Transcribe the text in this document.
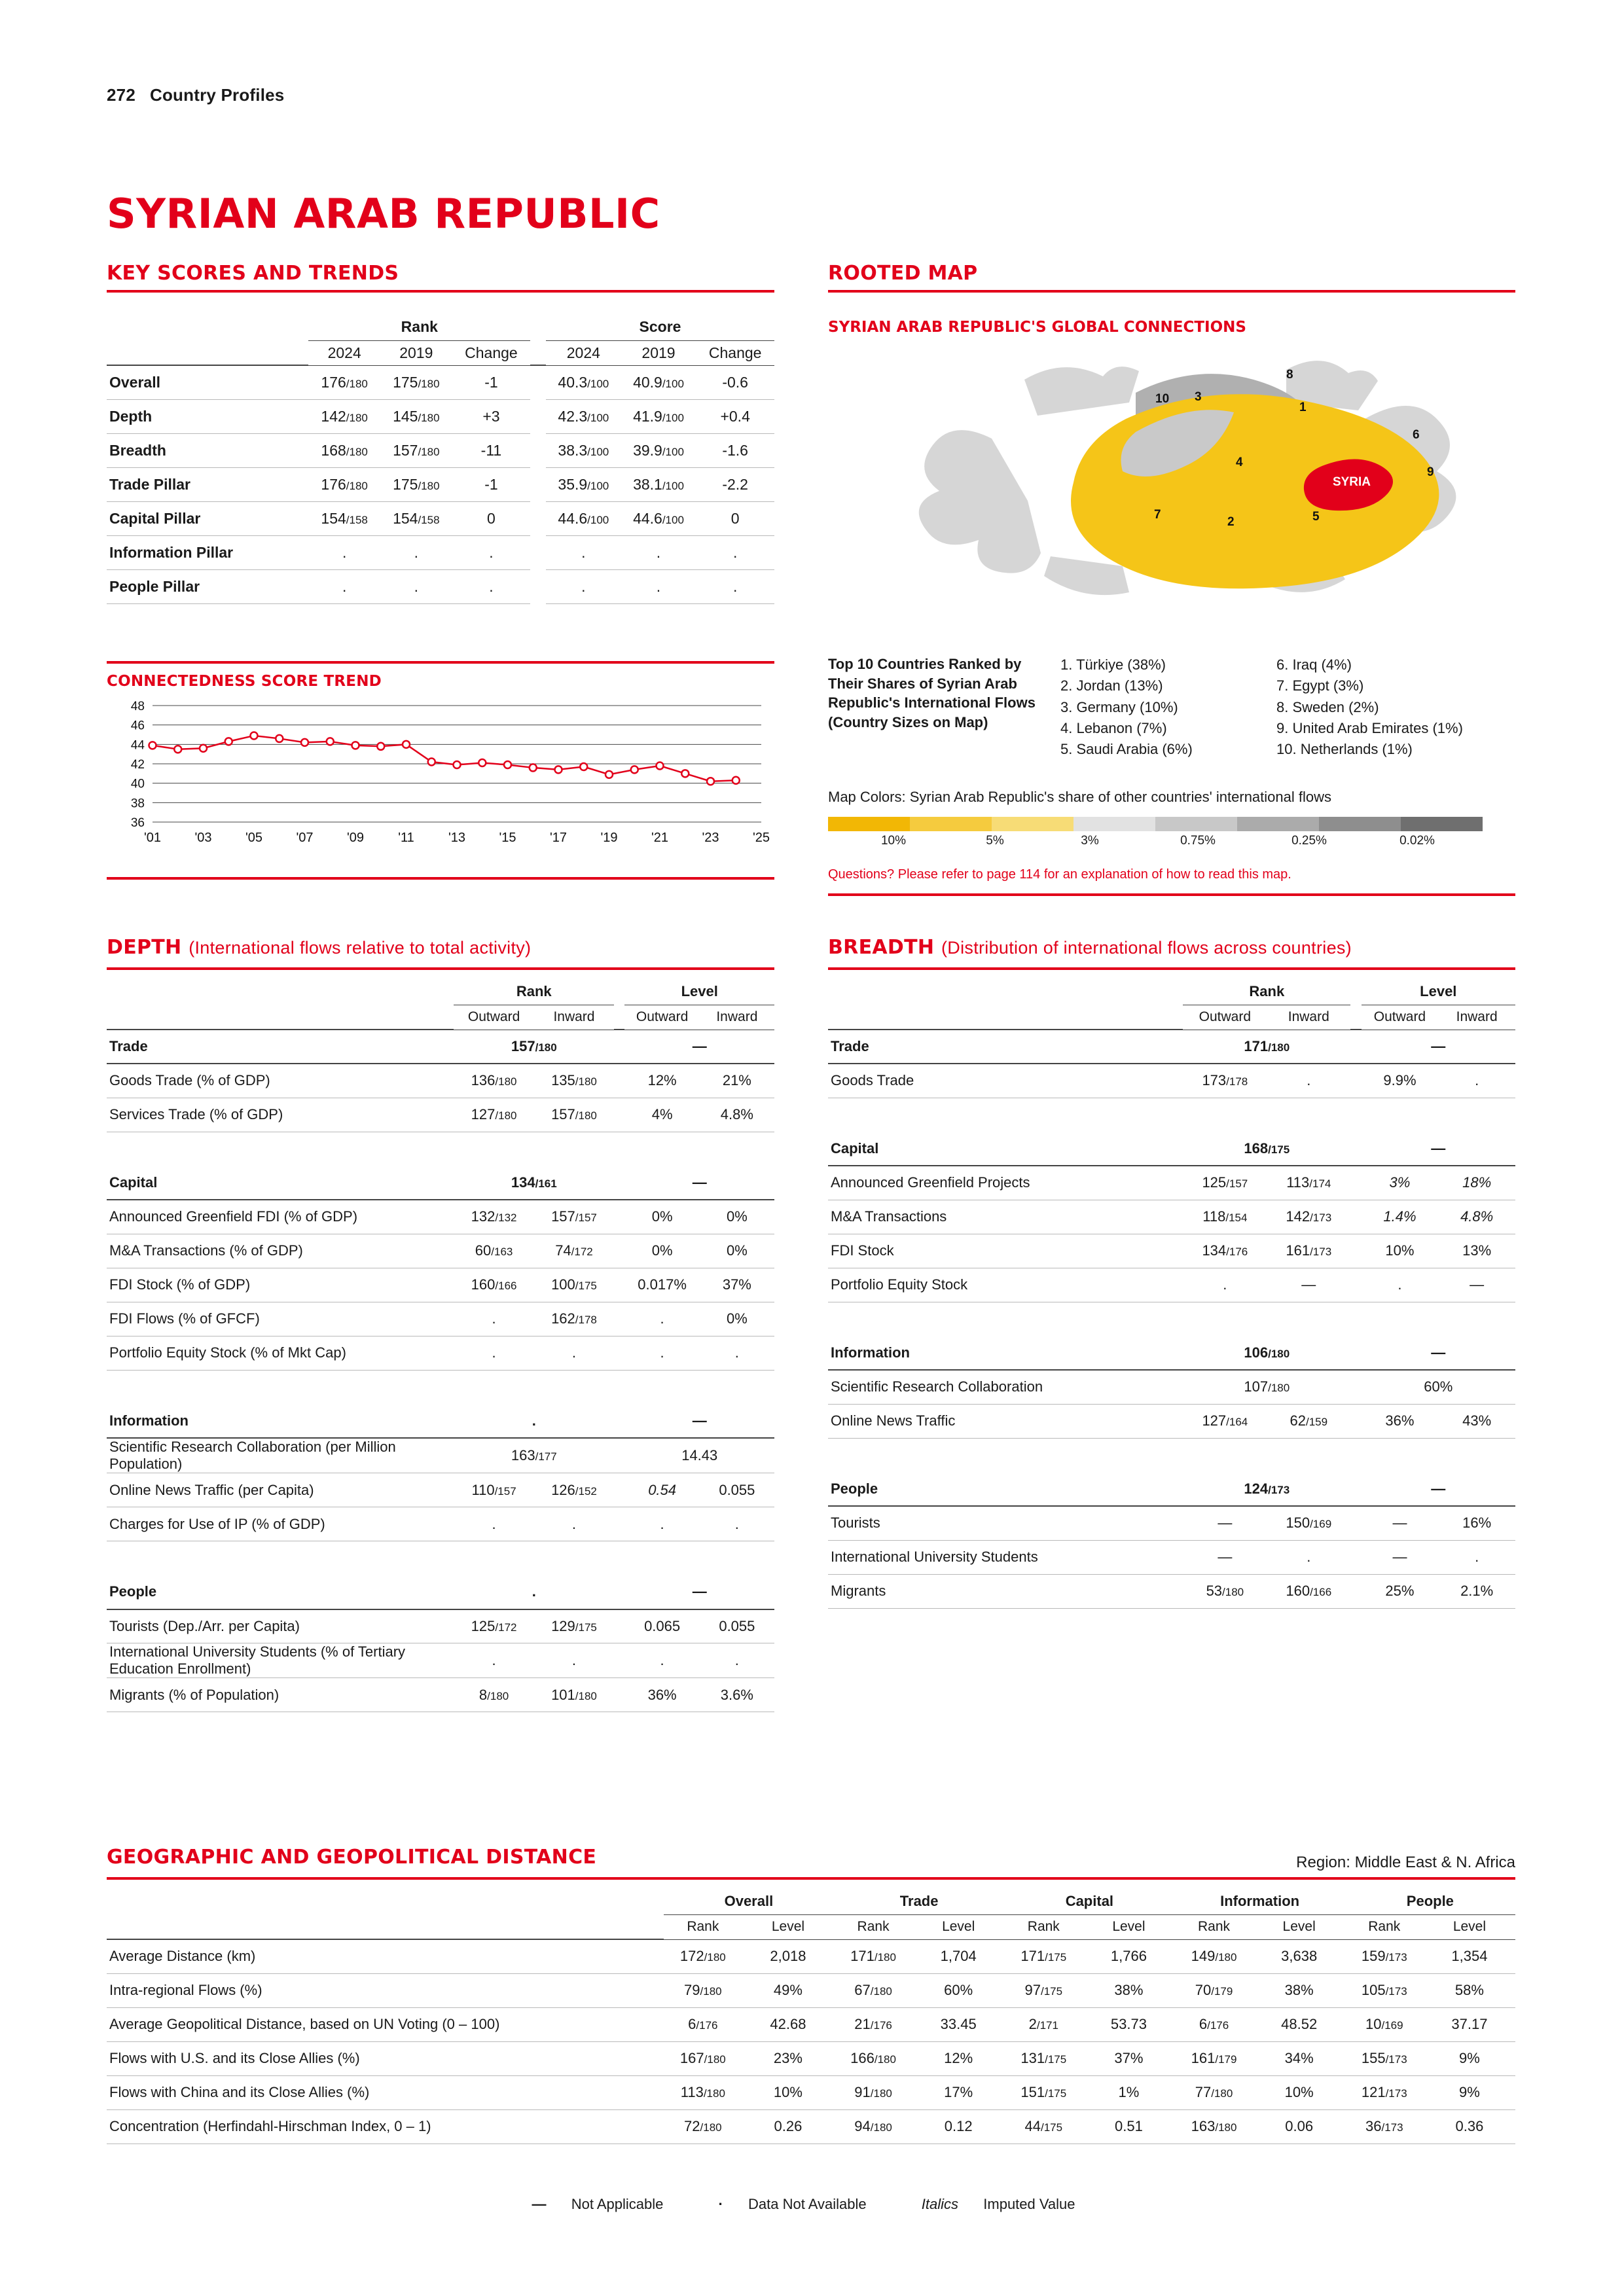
272 Country Profiles
SYRIAN ARAB REPUBLIC
KEY SCORES AND TRENDS
	Rank				Score		
	2024	2019	Change		2024	2019	Change
Overall	176/180	175/180	-1		40.3/100	40.9/100	-0.6
Depth	142/180	145/180	+3		42.3/100	41.9/100	+0.4
Breadth	168/180	157/180	-11		38.3/100	39.9/100	-1.6
Trade Pillar	176/180	175/180	-1		35.9/100	38.1/100	-2.2
Capital Pillar	154/158	154/158	0		44.6/100	44.6/100	0
Information Pillar	.	.	.		.	.	.
People Pillar	.	.	.		.	.	.
CONNECTEDNESS SCORE TREND
36
38
40
42
44
46
48
'01	'03	'05	'07	'09	'11	'13	'15	'17	'19	'21	'23	'25
ROOTED MAP
SYRIAN ARAB REPUBLIC'S GLOBAL CONNECTIONS
SYRIA
8
10 3
1
6
9
4
7
2	5
Top 10 Countries Ranked by Their Shares of Syrian Arab Republic's International Flows (Country Sizes on Map)
1. Türkiye (38%)
2. Jordan (13%)
3. Germany (10%)
4. Lebanon (7%)
5. Saudi Arabia (6%)
6. Iraq (4%)
7. Egypt (3%)
8. Sweden (2%)
9. United Arab Emirates (1%)
10. Netherlands (1%)
Map Colors: Syrian Arab Republic's share of other countries' international flows
10%	5%	3%	0.75%	0.25%	0.02%
Questions? Please refer to page 114 for an explanation of how to read this map.
DEPTH (International flows relative to total activity)
	Rank			Level	
	Outward	Inward		Outward	Inward
Trade	157/180			—	
Goods Trade (% of GDP)	136/180	135/180		12%	21%
Services Trade (% of GDP)	127/180	157/180		4%	4.8%

Capital	134/161			—	
Announced Greenfield FDI (% of GDP)	132/132	157/157		0%	0%
M&A Transactions (% of GDP)	60/163	74/172		0%	0%
FDI Stock (% of GDP)	160/166	100/175		0.017%	37%
FDI Flows (% of GFCF)	.	162/178		.	0%
Portfolio Equity Stock (% of Mkt Cap)	.	.		.	.

Information	.			—	
Scientific Research Collaboration (per Million Population)	163/177			14.43	
Online News Traffic (per Capita)	110/157	126/152		0.54	0.055
Charges for Use of IP (% of GDP)	.	.		.	.

People	.			—	
Tourists (Dep./Arr. per Capita)	125/172	129/175		0.065	0.055
International University Students (% of Tertiary Education Enrollment)	.	.		.	.
Migrants (% of Population)	8/180	101/180		36%	3.6%
BREADTH (Distribution of international flows across countries)
	Rank			Level	
	Outward	Inward		Outward	Inward
Trade	171/180			—	
Goods Trade	173/178	.		9.9%	.

Capital	168/175			—	
Announced Greenfield Projects	125/157	113/174		3%	18%
M&A Transactions	118/154	142/173		1.4%	4.8%
FDI Stock	134/176	161/173		10%	13%
Portfolio Equity Stock	.	—		.	—

Information	106/180			—	
Scientific Research Collaboration	107/180			60%	
Online News Traffic	127/164	62/159		36%	43%

People	124/173			—	
Tourists	—	150/169		—	16%
International University Students	—	.		—	.
Migrants	53/180	160/166		25%	2.1%
GEOGRAPHIC AND GEOPOLITICAL DISTANCE	Region: Middle East & N. Africa
	Overall		Trade		Capital		Information		People	
	Rank	Level	Rank	Level	Rank	Level	Rank	Level	Rank	Level
Average Distance (km)	172/180	2,018	171/180	1,704	171/175	1,766	149/180	3,638	159/173	1,354
Intra-regional Flows (%)	79/180	49%	67/180	60%	97/175	38%	70/179	38%	105/173	58%
Average Geopolitical Distance, based on UN Voting (0 – 100)	6/176	42.68	21/176	33.45	2/171	53.73	6/176	48.52	10/169	37.17
Flows with U.S. and its Close Allies (%)	167/180	23%	166/180	12%	131/175	37%	161/179	34%	155/173	9%
Flows with China and its Close Allies (%)	113/180	10%	91/180	17%	151/175	1%	77/180	10%	121/173	9%
Concentration (Herfindahl-Hirschman Index, 0 – 1)	72/180	0.26	94/180	0.12	44/175	0.51	163/180	0.06	36/173	0.36
— Not Applicable	· Data Not Available	Italics Imputed Value
